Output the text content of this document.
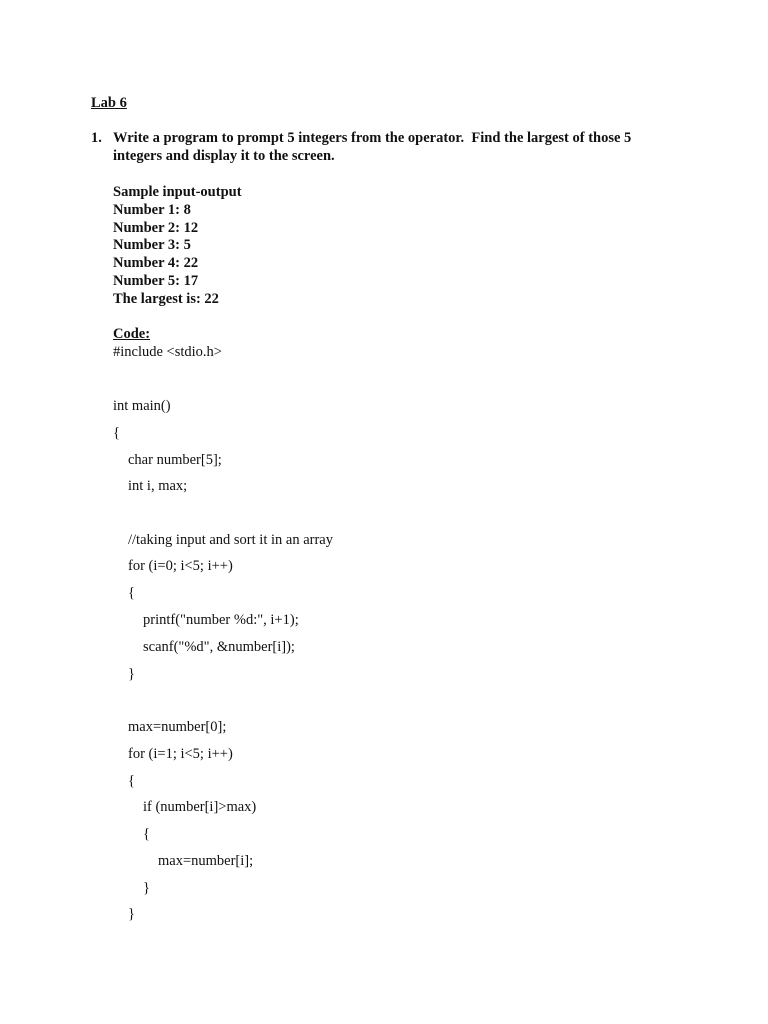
Lab 6
1. Write a program to prompt 5 integers from the operator.  Find the largest of those 5
integers and display it to the screen.
Sample input-output
Number 1: 8
Number 2: 12
Number 3: 5
Number 4: 22
Number 5: 17
The largest is: 22
Code:
#include <stdio.h>
int main()
{
char number[5];
int i, max;
//taking input and sort it in an array
for (i=0; i<5; i++)
{
printf("number %d:", i+1);
scanf("%d", &number[i]);
}
max=number[0];
for (i=1; i<5; i++)
{
if (number[i]>max)
{
max=number[i];
}
}
